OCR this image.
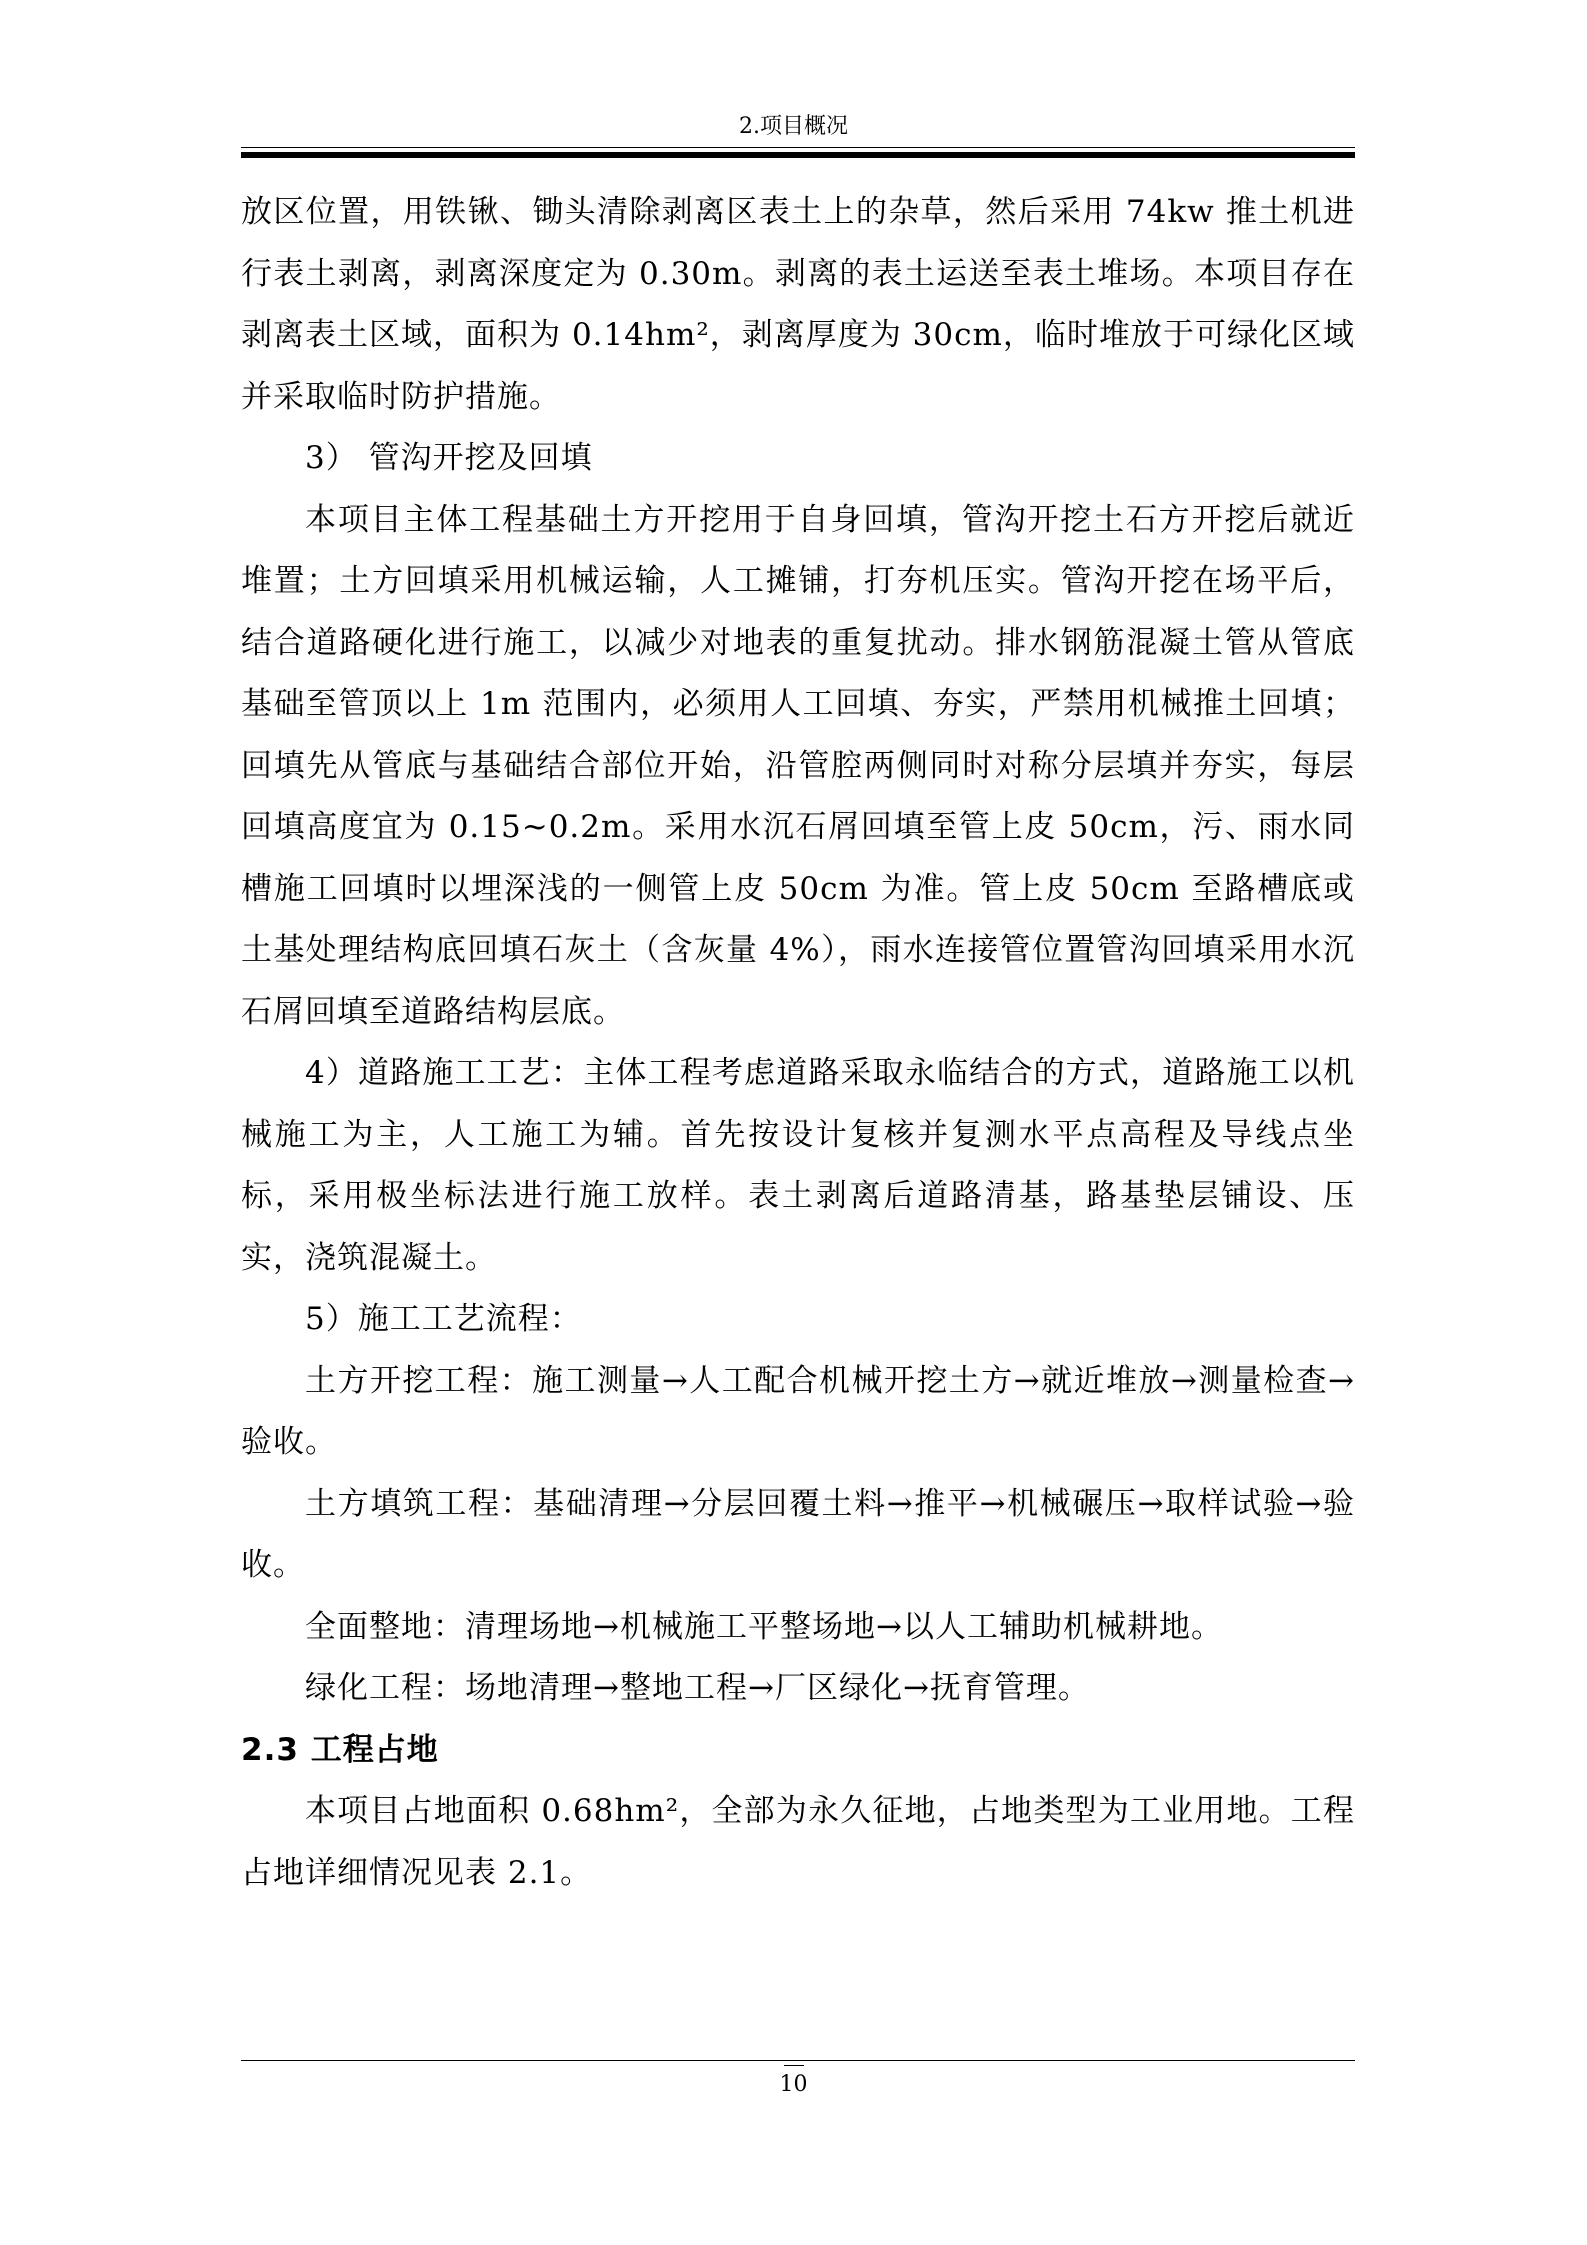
2.项目概况

放区位置，用铁锹、锄头清除剥离区表土上的杂草，然后采用 74kw 推土机进行表土剥离，剥离深度定为 0.30m。剥离的表土运送至表土堆场。本项目存在剥离表土区域，面积为 0.14hm²，剥离厚度为 30cm，临时堆放于可绿化区域并采取临时防护措施。

3） 管沟开挖及回填

本项目主体工程基础土方开挖用于自身回填，管沟开挖土石方开挖后就近堆置；土方回填采用机械运输，人工摊铺，打夯机压实。管沟开挖在场平后，结合道路硬化进行施工，以减少对地表的重复扰动。排水钢筋混凝土管从管底基础至管顶以上 1m 范围内，必须用人工回填、夯实，严禁用机械推土回填；回填先从管底与基础结合部位开始，沿管腔两侧同时对称分层填并夯实，每层回填高度宜为 0.15~0.2m。采用水沉石屑回填至管上皮 50cm，污、雨水同槽施工回填时以埋深浅的一侧管上皮 50cm 为准。管上皮 50cm 至路槽底或土基处理结构底回填石灰土（含灰量 4%），雨水连接管位置管沟回填采用水沉石屑回填至道路结构层底。

4）道路施工工艺：主体工程考虑道路采取永临结合的方式，道路施工以机械施工为主，人工施工为辅。首先按设计复核并复测水平点高程及导线点坐标，采用极坐标法进行施工放样。表土剥离后道路清基，路基垫层铺设、压实，浇筑混凝土。

5）施工工艺流程：

土方开挖工程：施工测量→人工配合机械开挖土方→就近堆放→测量检查→验收。

土方填筑工程：基础清理→分层回覆土料→推平→机械碾压→取样试验→验收。

全面整地：清理场地→机械施工平整场地→以人工辅助机械耕地。

绿化工程：场地清理→整地工程→厂区绿化→抚育管理。

2.3 工程占地

本项目占地面积 0.68hm²，全部为永久征地，占地类型为工业用地。工程占地详细情况见表 2.1。

10
